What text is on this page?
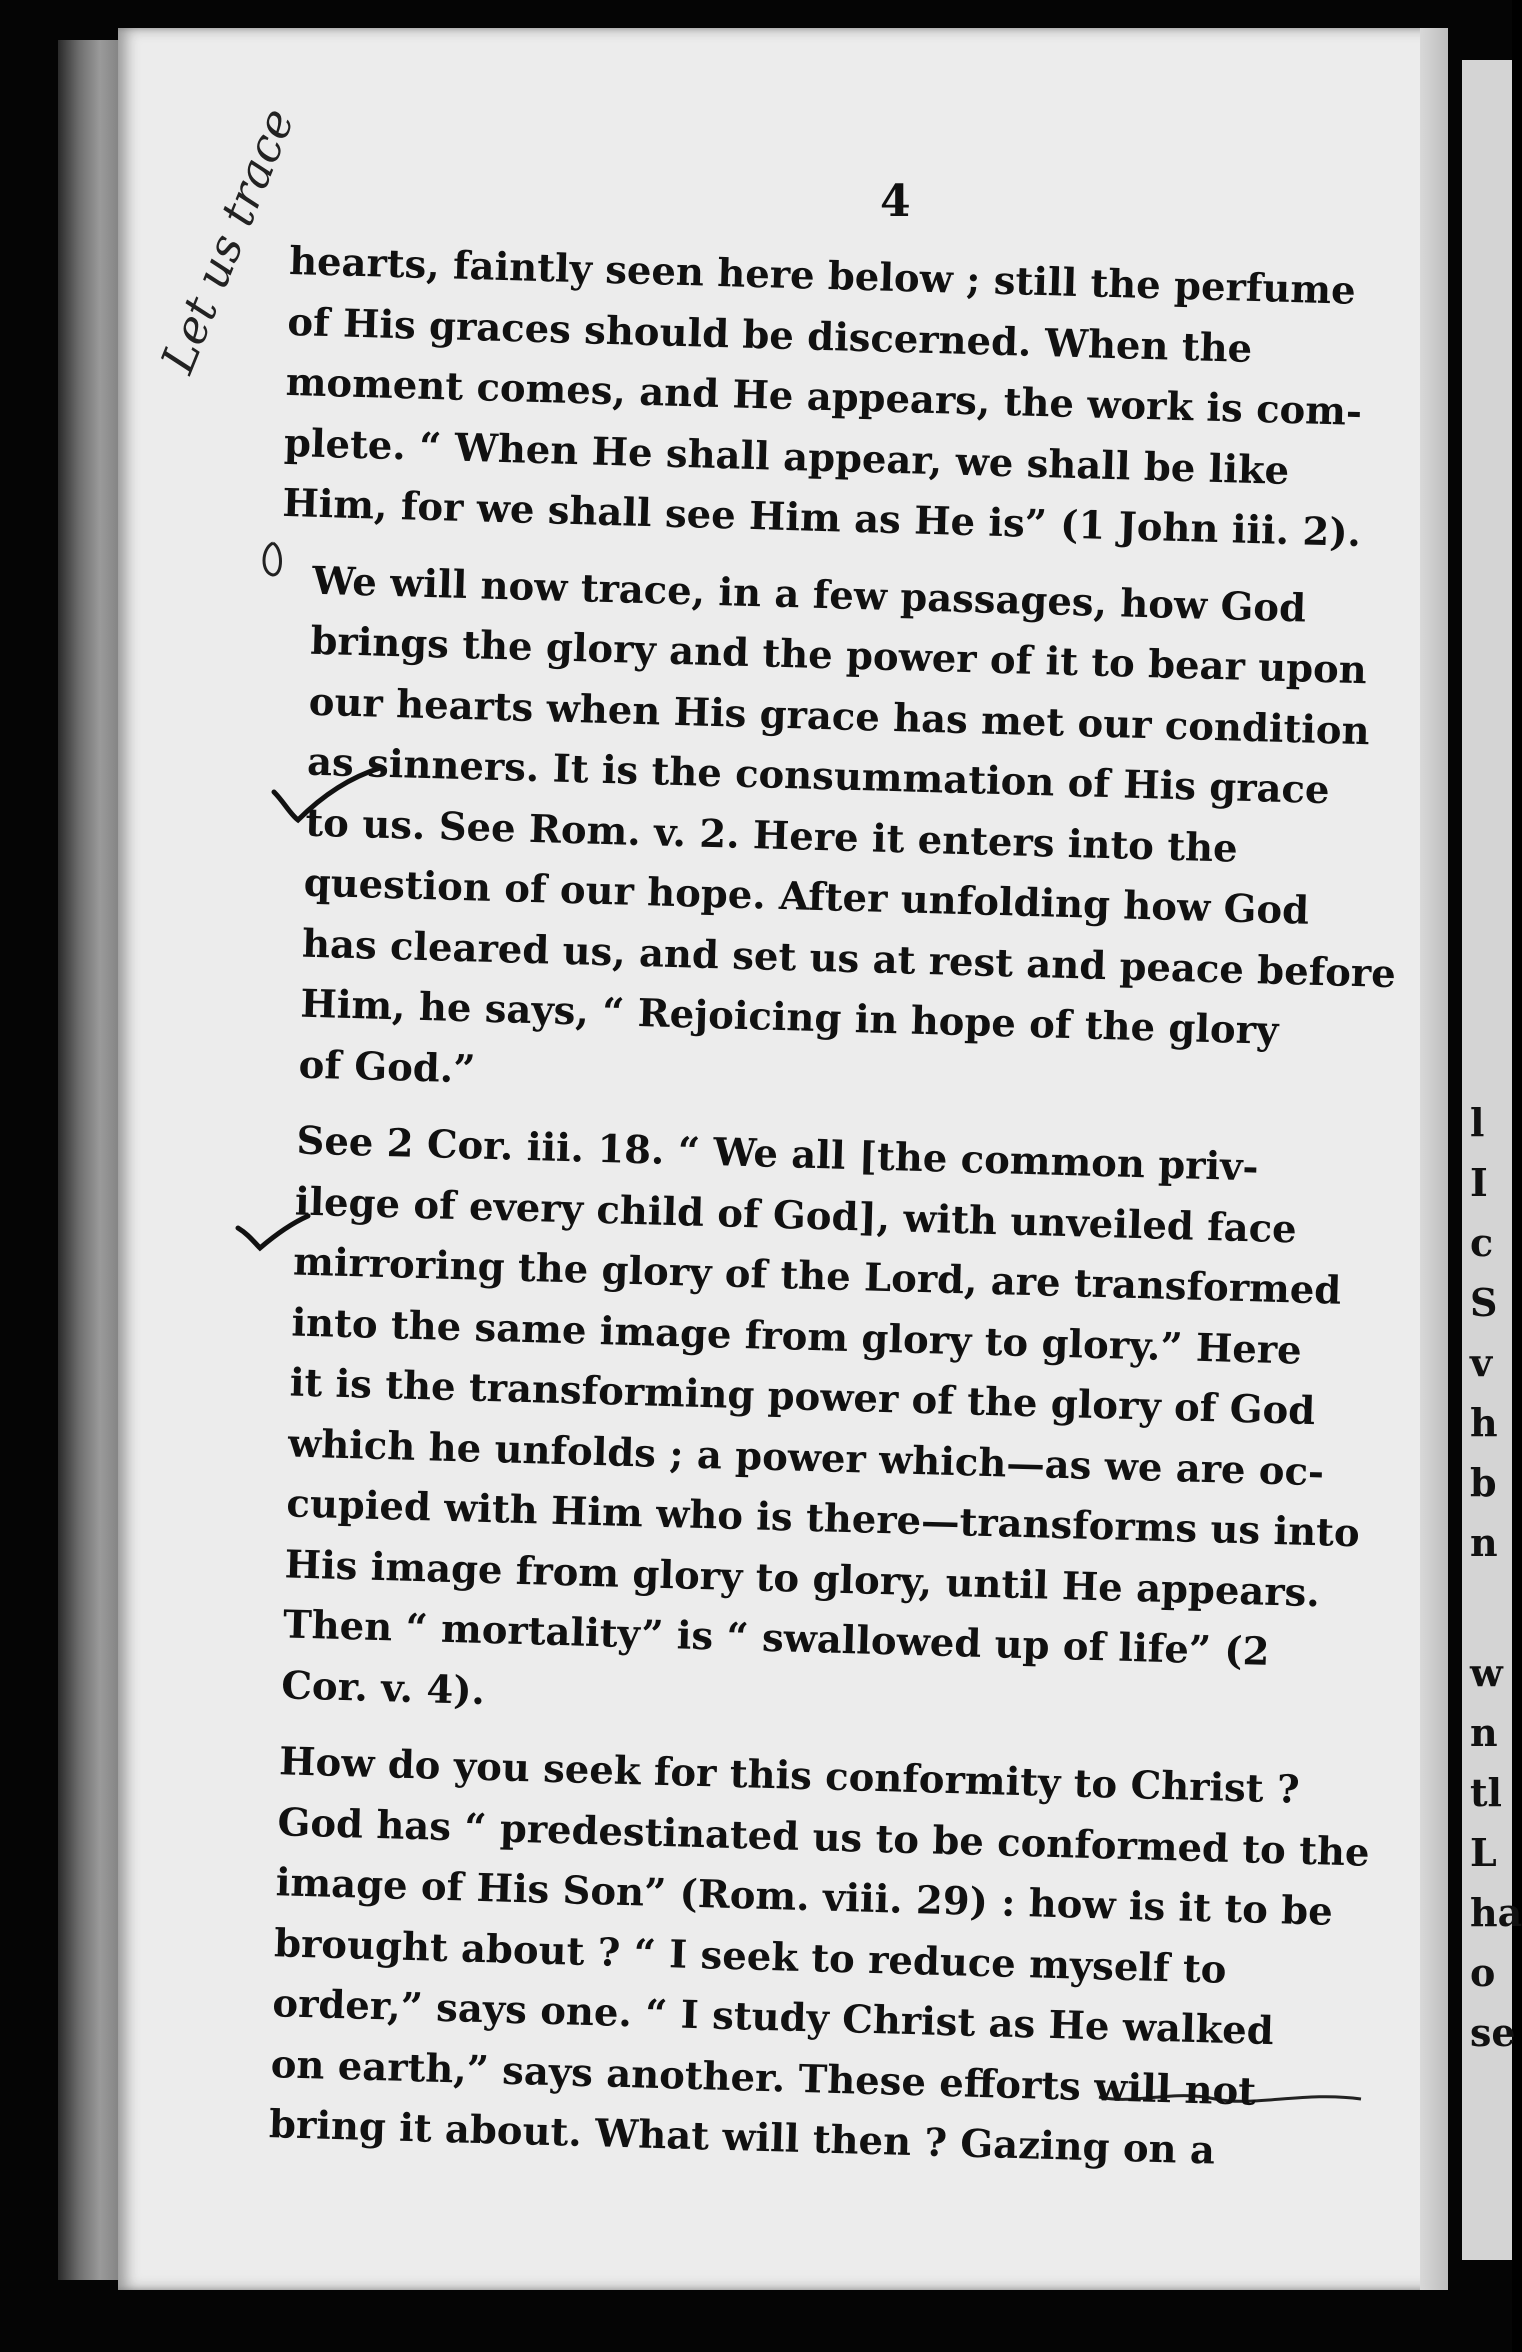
l
I
c
S
v
h
b
n
w
n
tl
L
ha
o
se
4
Let us trace

hearts, faintly seen here below ; still the perfume
of His graces should be discerned. When the
moment comes, and He appears, the work is com-
plete. “ When He shall appear, we shall be like
Him, for we shall see Him as He is” (1 John iii. 2).

We will now trace, in a few passages, how God
brings the glory and the power of it to bear upon
our hearts when His grace has met our condition
as sinners. It is the consummation of His grace
to us. See Rom. v. 2. Here it enters into the
question of our hope. After unfolding how God
has cleared us, and set us at rest and peace before
Him, he says, “ Rejoicing in hope of the glory
of God.”

See 2 Cor. iii. 18. “ We all [the common priv-
ilege of every child of God], with unveiled face
mirroring the glory of the Lord, are transformed
into the same image from glory to glory.” Here
it is the transforming power of the glory of God
which he unfolds ; a power which—as we are oc-
cupied with Him who is there—transforms us into
His image from glory to glory, until He appears.
Then “ mortality” is “ swallowed up of life” (2
Cor. v. 4).

How do you seek for this conformity to Christ ?
God has “ predestinated us to be conformed to the
image of His Son” (Rom. viii. 29) : how is it to be
brought about ? “ I seek to reduce myself to
order,” says one. “ I study Christ as He walked
on earth,” says another. These efforts will not
bring it about. What will then ? Gazing on a
